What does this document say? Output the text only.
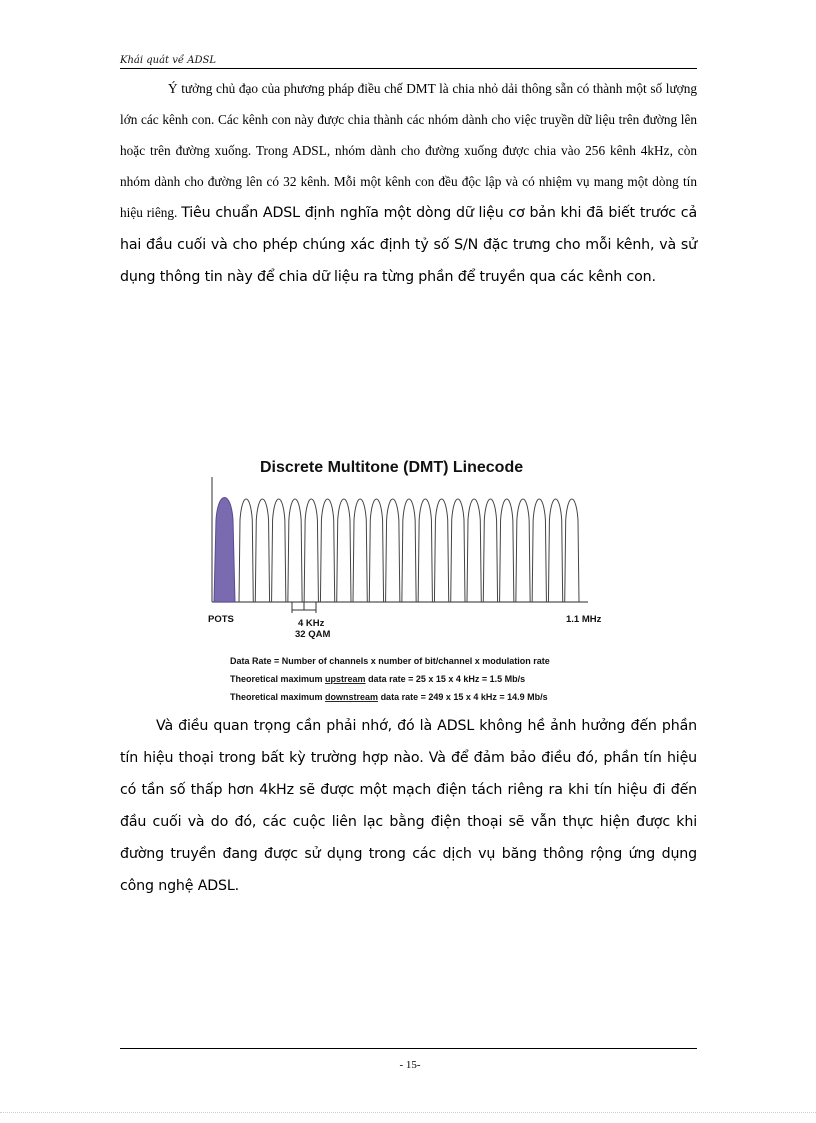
Khái quát về ADSL
Ý tưởng chủ đạo của phương pháp điều chế DMT là chia nhỏ dải thông sẵn có thành một số lượng lớn các kênh con. Các kênh con này được chia thành các nhóm dành cho việc truyền dữ liệu trên đường lên hoặc trên đường xuống. Trong ADSL, nhóm dành cho đường xuống được chia vào 256 kênh 4kHz, còn nhóm dành cho đường lên có 32 kênh. Mỗi một kênh con đều độc lập và có nhiệm vụ mang một dòng tín hiệu riêng. Tiêu chuẩn ADSL định nghĩa một dòng dữ liệu cơ bản khi đã biết trước cả hai đầu cuối và cho phép chúng xác định tỷ số S/N đặc trưng cho mỗi kênh, và sử dụng thông tin này để chia dữ liệu ra từng phần để truyền qua các kênh con.
Discrete Multitone (DMT) Linecode
POTS	4 KHz
32 QAM
1.1 MHz
Data Rate = Number of channels x number of bit/channel x modulation rate
Theoretical maximum upstream data rate = 25 x 15 x 4 kHz = 1.5 Mb/s
Theoretical maximum downstream data rate = 249 x 15 x 4 kHz = 14.9 Mb/s
Và điều quan trọng cần phải nhớ, đó là ADSL không hề ảnh hưởng đến phần tín hiệu thoại trong bất kỳ trường hợp nào. Và để đảm bảo điều đó, phần tín hiệu có tần số thấp hơn 4kHz sẽ được một mạch điện tách riêng ra khi tín hiệu đi đến đầu cuối và do đó, các cuộc liên lạc bằng điện thoại sẽ vẫn thực hiện được khi đường truyền đang được sử dụng trong các dịch vụ băng thông rộng ứng dụng công nghệ ADSL.
- 15-
